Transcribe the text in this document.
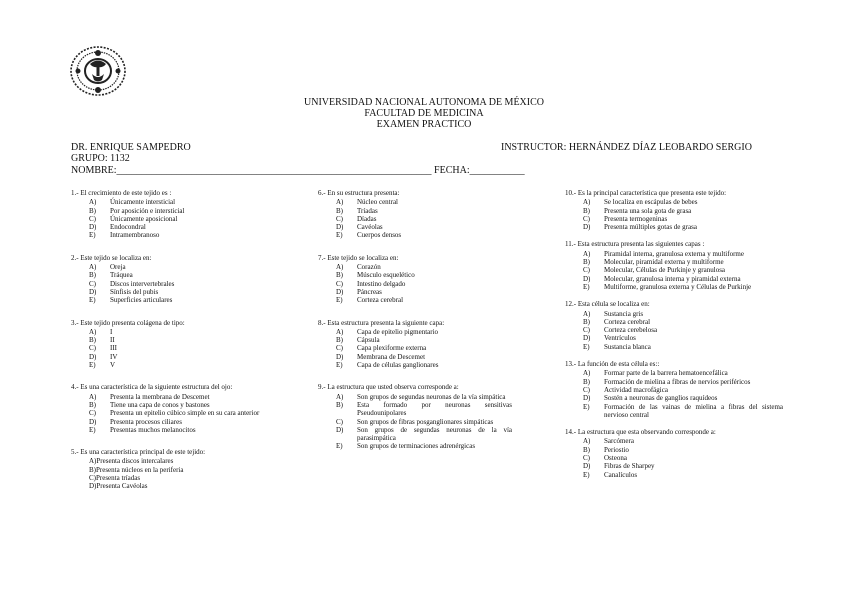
UNIVERSIDAD NACIONAL AUTONOMA DE MÉXICO
FACULTAD DE MEDICINA
EXAMEN PRACTICO
DR. ENRIQUE SAMPEDRO	INSTRUCTOR: HERNÁNDEZ DÍAZ LEOBARDO SERGIO
GRUPO: 1132
NOMBRE:_______________________________________________________________ FECHA:___________
1.- El crecimiento de este tejido es :
A)	Únicamente intersticial
B)	Por aposición e intersticial
C)	Únicamente aposicional
D)	Endocondral
E)	Intramembranoso
2.- Este tejido se localiza en:
A)	Oreja
B)	Tráquea
C)	Discos intervertebrales
D)	Sínfisis del pubis
E)	Superficies articulares
3.- Este tejido presenta colágena de tipo:
A)	I
B)	II
C)	III
D)	IV
E)	V
4.- Es una característica de la siguiente estructura del ojo:
A)	Presenta la membrana de Descemet
B)	Tiene una capa de conos y bastones
C)	Presenta un epitelio cúbico simple en su cara anterior
D)	Presenta procesos ciliares
E)	Presentas muchos melanocitos
5.- Es una característica principal de este tejido:
A) Presenta discos intercalares
B) Presenta núcleos en la periferia
C) Presenta tríadas
D) Presenta Cavéolas
6.- En su estructura presenta:
A)	Núcleo central
B)	Tríadas
C)	Díadas
D)	Cavéolas
E)	Cuerpos densos
7.- Este tejido se localiza en:
A)	Corazón
B)	Músculo esquelético
C)	Intestino delgado
D)	Páncreas
E)	Corteza cerebral
8.- Esta estructura presenta la siguiente capa:
A)	Capa de epitelio pigmentario
B)	Cápsula
C)	Capa plexiforme externa
D)	Membrana de Descemet
E)	Capa de células ganglionares
9.- La estructura que usted observa corresponde a:
A)	Son grupos de segundas neuronas de la vía simpática
B)	Esta formado por neuronas sensitivas Pseudounipolares
C)	Son grupos de fibras posganglionares simpáticas
D)	Son grupos de segundas neuronas de la vía parasimpática
E)	Son grupos de terminaciones adrenérgicas
10.- Es la principal característica que presenta este tejido:
A)	Se localiza en escápulas de bebes
B)	Presenta una sola gota de grasa
C)	Presenta termogeninas
D)	Presenta múltiples gotas de grasa
11.- Esta estructura presenta las siguientes capas :
A)	Piramidal interna, granulosa externa y multiforme
B)	Molecular, piramidal externa y multiforme
C)	Molecular, Células de Purkinje y granulosa
D)	Molecular, granulosa interna y piramidal externa
E)	Multiforme, granulosa externa y Células de Purkinje
12.- Esta célula se localiza en:
A)	Sustancia gris
B)	Corteza cerebral
C)	Corteza cerebelosa
D)	Ventrículos
E)	Sustancia blanca
13.- La función de esta célula es::
A)	Formar parte de la barrera hematoencefálica
B)	Formación de mielina a fibras de nervios periféricos
C)	Actividad macrofágica
D)	Sostén a neuronas de ganglios raquídeos
E)	Formación de las vainas de mielina a fibras del sistema nervioso central
14.- La estructura que esta observando corresponde a:
A)	Sarcómera
B)	Periostio
C)	Osteona
D)	Fibras de Sharpey
E)	Canalículos
